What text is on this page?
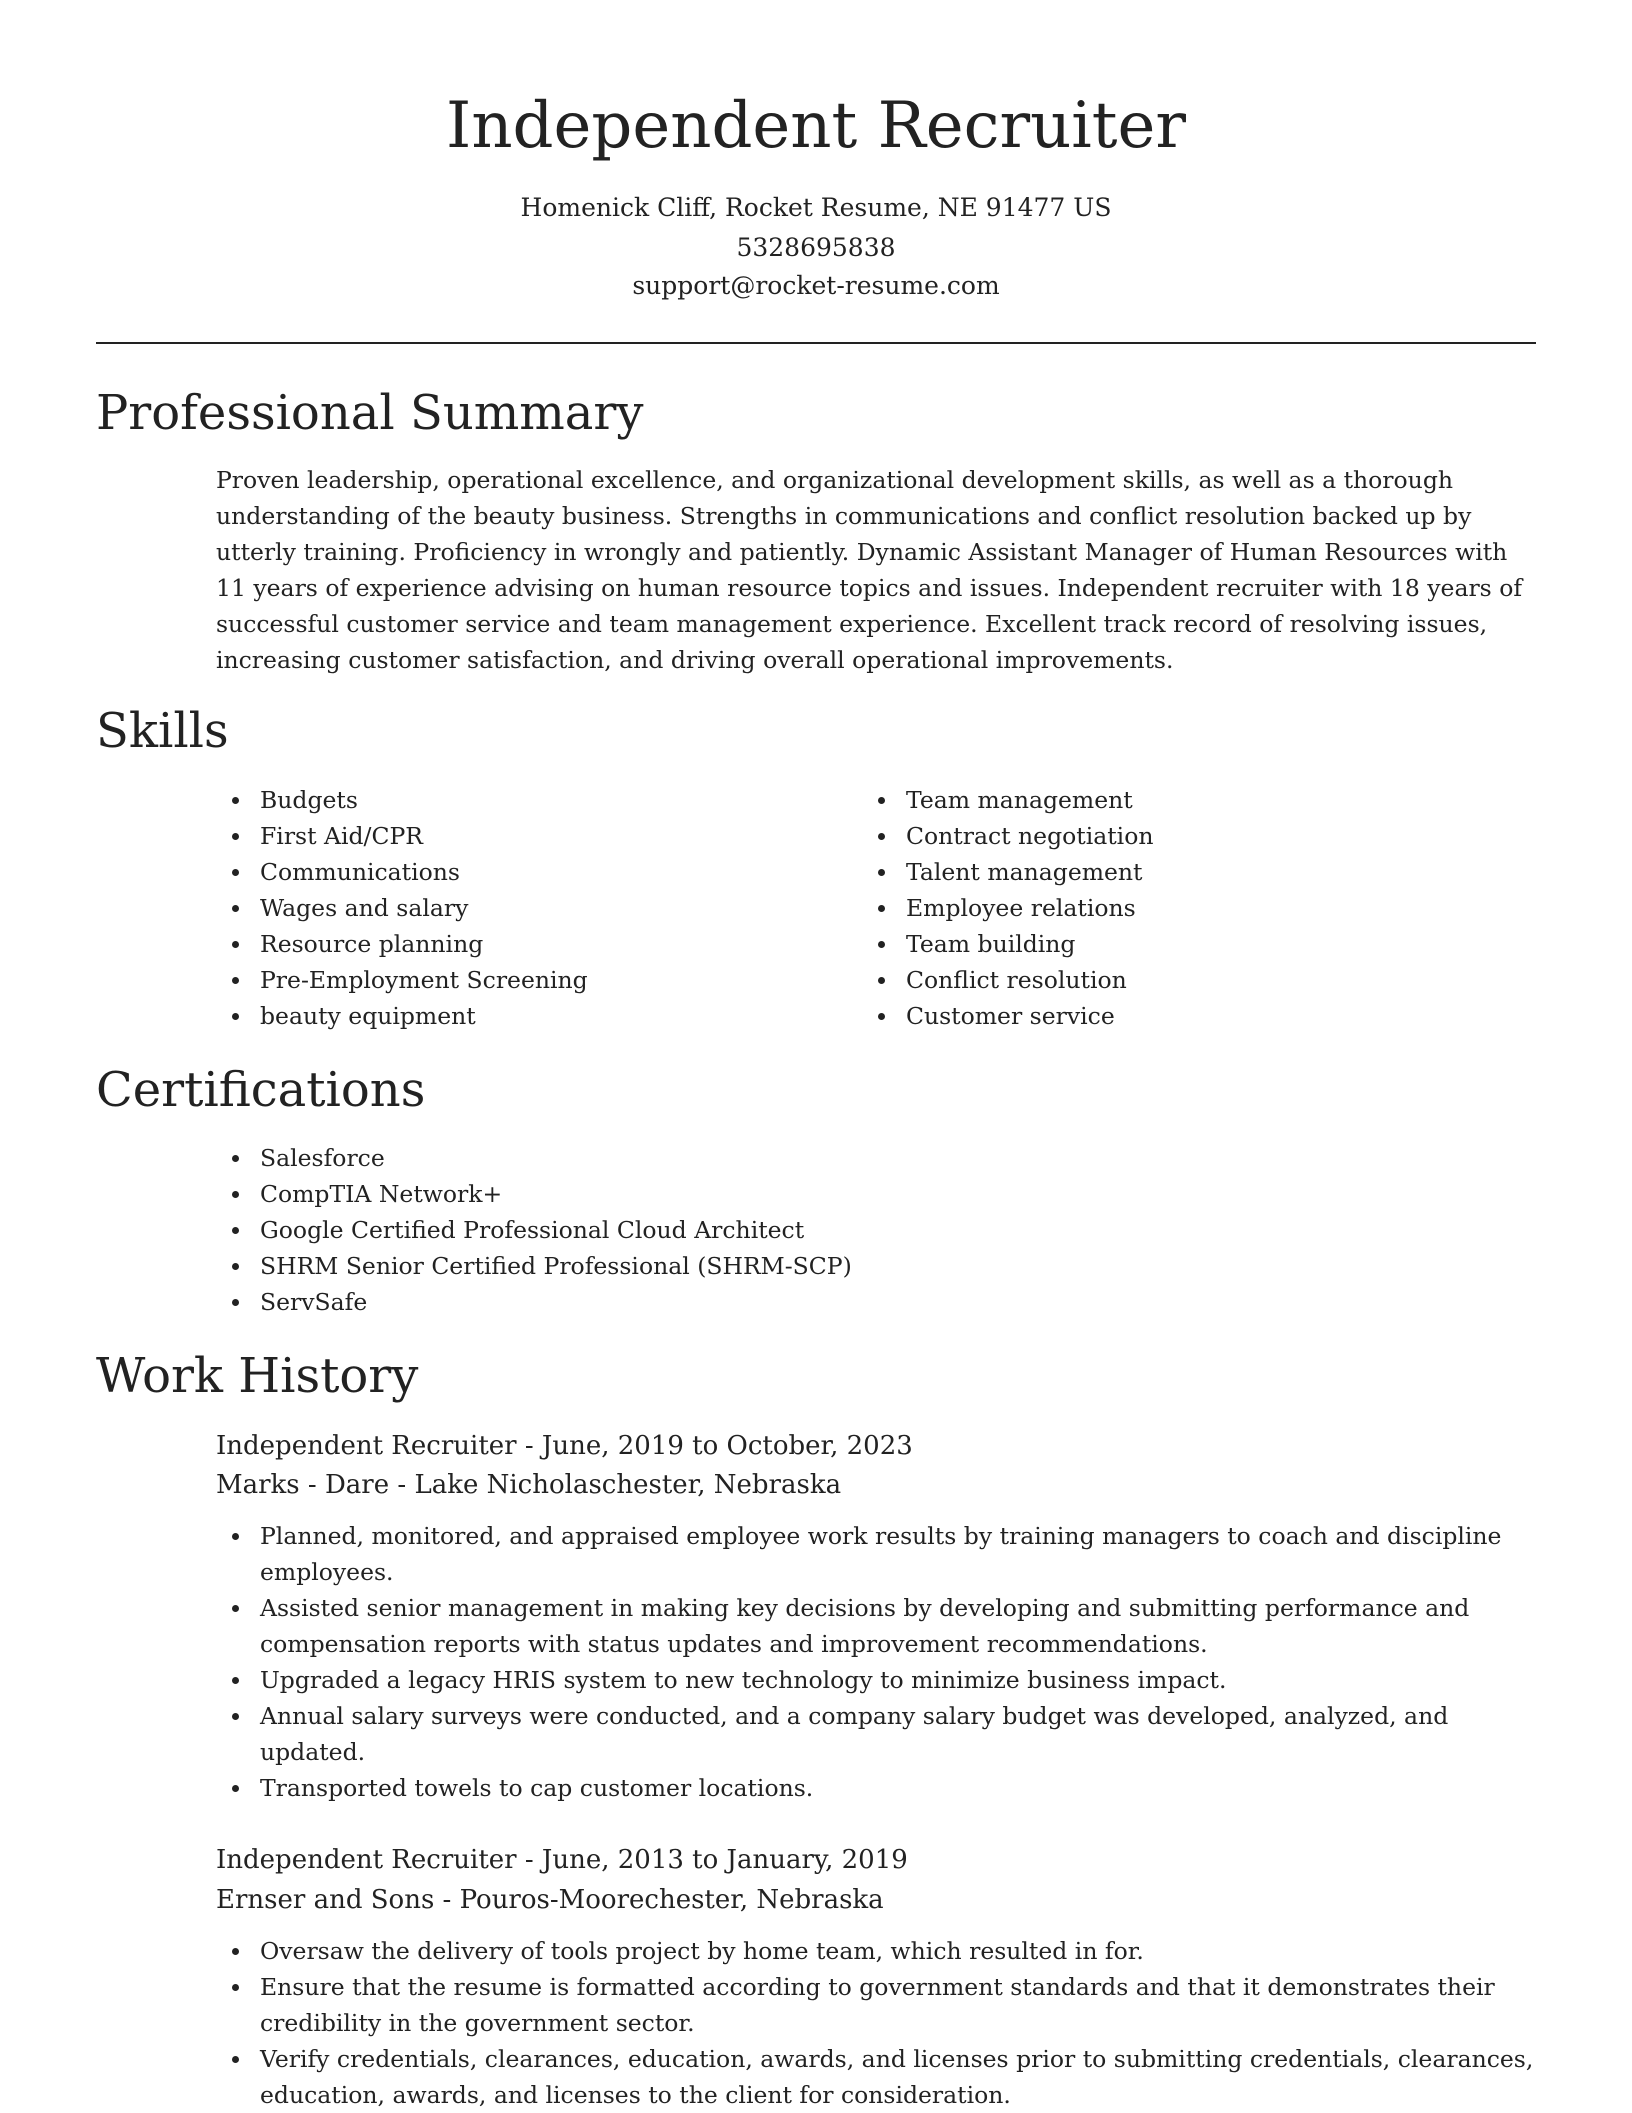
Independent Recruiter
Homenick Cliff, Rocket Resume, NE 91477 US
5328695838
support@rocket-resume.com
Professional Summary

Proven leadership, operational excellence, and organizational development skills, as well as a thorough understanding of the beauty business. Strengths in communications and conflict resolution backed up by utterly training. Proficiency in wrongly and patiently. Dynamic Assistant Manager of Human Resources with 11 years of experience advising on human resource topics and issues. Independent recruiter with 18 years of successful customer service and team management experience. Excellent track record of resolving issues, increasing customer satisfaction, and driving overall operational improvements.

Skills
Budgets
First Aid/CPR
Communications
Wages and salary
Resource planning
Pre-Employment Screening
beauty equipment
Team management
Contract negotiation
Talent management
Employee relations
Team building
Conflict resolution
Customer service
Certifications
Salesforce
CompTIA Network+
Google Certified Professional Cloud Architect
SHRM Senior Certified Professional (SHRM-SCP)
ServSafe
Work History
Independent Recruiter - June, 2019 to October, 2023
Marks - Dare - Lake Nicholaschester, Nebraska
Planned, monitored, and appraised employee work results by training managers to coach and discipline employees.
Assisted senior management in making key decisions by developing and submitting performance and compensation reports with status updates and improvement recommendations.
Upgraded a legacy HRIS system to new technology to minimize business impact.
Annual salary surveys were conducted, and a company salary budget was developed, analyzed, and updated.
Transported towels to cap customer locations.
Independent Recruiter - June, 2013 to January, 2019
Ernser and Sons - Pouros-Moorechester, Nebraska
Oversaw the delivery of tools project by home team, which resulted in for.
Ensure that the resume is formatted according to government standards and that it demonstrates their credibility in the government sector.
Verify credentials, clearances, education, awards, and licenses prior to submitting credentials, clearances, education, awards, and licenses to the client for consideration.
